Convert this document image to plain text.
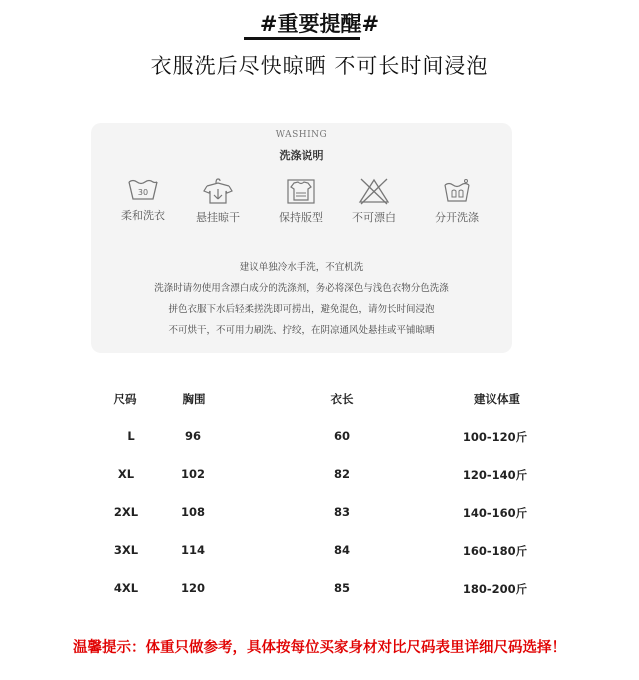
#重要提醒#
衣服洗后尽快晾晒 不可长时间浸泡
WASHING
洗涤说明
30
柔和洗衣	悬挂晾干	保持版型	不可漂白	分开洗涤
建议单独冷水手洗，不宜机洗
洗涤时请勿使用含漂白成分的洗涤剂，务必将深色与浅色衣物分色洗涤
拼色衣服下水后轻柔搓洗即可捞出，避免混色，请勿长时间浸泡
不可烘干，不可用力刷洗、拧绞，在阴凉通风处悬挂或平铺晾晒
尺码	胸围	衣长	建议体重
L	96	60	100-120斤
XL	102	82	120-140斤
2XL	108	83	140-160斤
3XL	114	84	160-180斤
4XL	120	85	180-200斤
温馨提示：体重只做参考，具体按每位买家身材对比尺码表里详细尺码选择！
